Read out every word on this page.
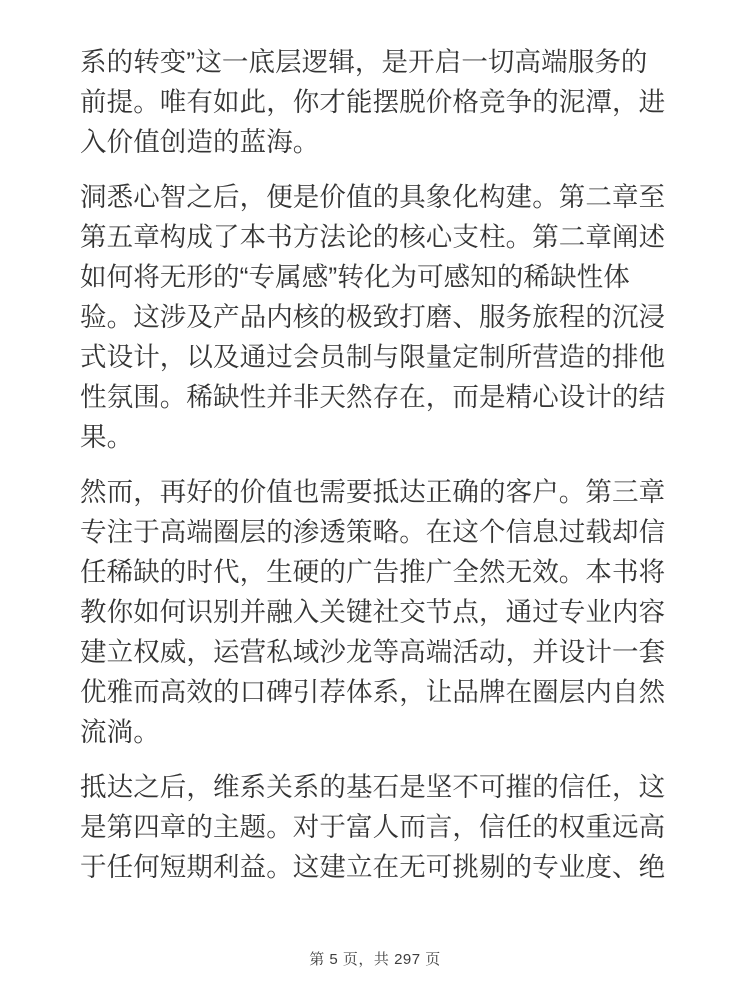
系的转变”这一底层逻辑，是开启一切高端服务的
前提。唯有如此，你才能摆脱价格竞争的泥潭，进
入价值创造的蓝海。

洞悉心智之后，便是价值的具象化构建。第二章至
第五章构成了本书方法论的核心支柱。第二章阐述
如何将无形的“专属感”转化为可感知的稀缺性体
验。这涉及产品内核的极致打磨、服务旅程的沉浸
式设计，以及通过会员制与限量定制所营造的排他
性氛围。稀缺性并非天然存在，而是精心设计的结
果。

然而，再好的价值也需要抵达正确的客户。第三章
专注于高端圈层的渗透策略。在这个信息过载却信
任稀缺的时代，生硬的广告推广全然无效。本书将
教你如何识别并融入关键社交节点，通过专业内容
建立权威，运营私域沙龙等高端活动，并设计一套
优雅而高效的口碑引荐体系，让品牌在圈层内自然
流淌。

抵达之后，维系关系的基石是坚不可摧的信任，这
是第四章的主题。对于富人而言，信任的权重远高
于任何短期利益。这建立在无可挑剔的专业度、绝

第 5 页，共 297 页
